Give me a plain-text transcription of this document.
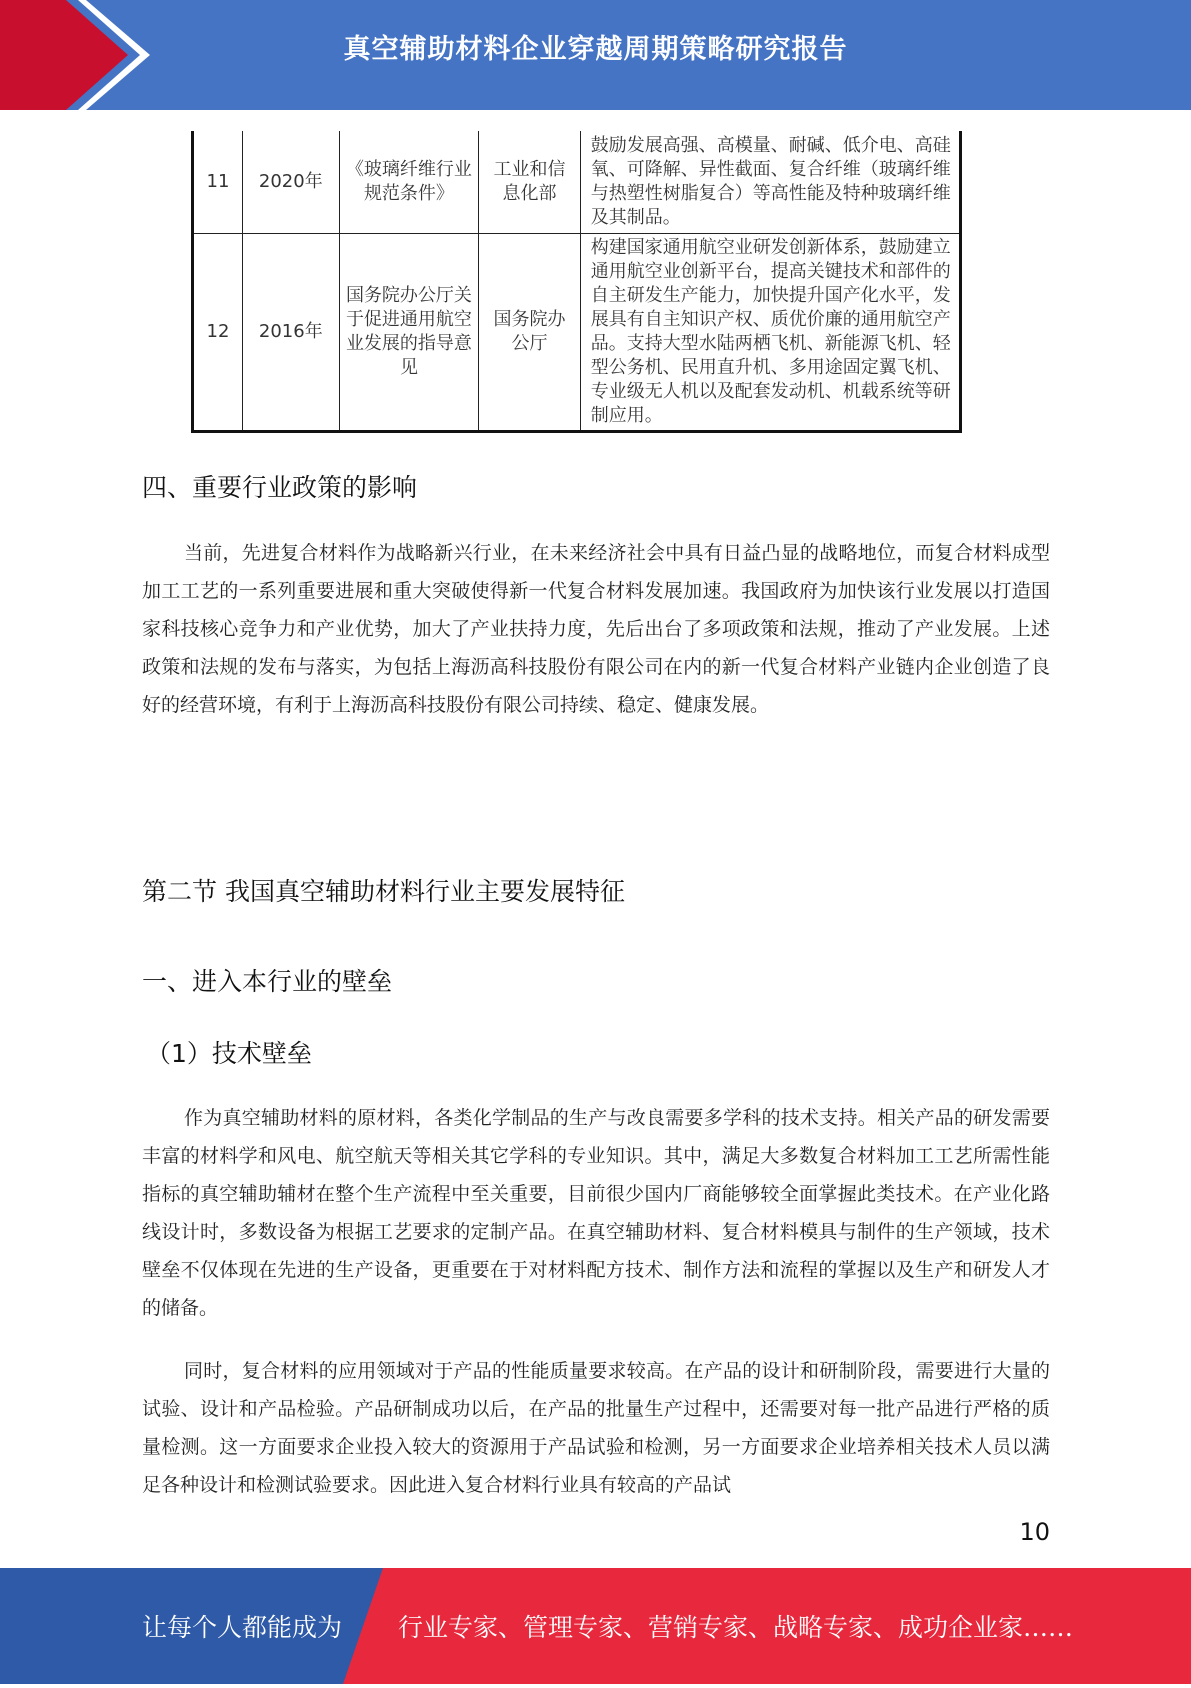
真空辅助材料企业穿越周期策略研究报告
11	2020年	《玻璃纤维行业规范条件》	工业和信息化部	鼓励发展高强、高模量、耐碱、低介电、高硅氧、可降解、异性截面、复合纤维（玻璃纤维与热塑性树脂复合）等高性能及特种玻璃纤维及其制品。
12	2016年	国务院办公厅关于促进通用航空业发展的指导意见	国务院办公厅	构建国家通用航空业研发创新体系，鼓励建立通用航空业创新平台，提高关键技术和部件的自主研发生产能力，加快提升国产化水平，发展具有自主知识产权、质优价廉的通用航空产品。支持大型水陆两栖飞机、新能源飞机、轻型公务机、民用直升机、多用途固定翼飞机、专业级无人机以及配套发动机、机载系统等研制应用。
四、重要行业政策的影响
当前，先进复合材料作为战略新兴行业，在未来经济社会中具有日益凸显的战略地位，而复合材料成型加工工艺的一系列重要进展和重大突破使得新一代复合材料发展加速。我国政府为加快该行业发展以打造国家科技核心竞争力和产业优势，加大了产业扶持力度，先后出台了多项政策和法规，推动了产业发展。上述政策和法规的发布与落实，为包括上海沥高科技股份有限公司在内的新一代复合材料产业链内企业创造了良好的经营环境，有利于上海沥高科技股份有限公司持续、稳定、健康发展。
第二节 我国真空辅助材料行业主要发展特征
一、进入本行业的壁垒
（1）技术壁垒
作为真空辅助材料的原材料，各类化学制品的生产与改良需要多学科的技术支持。相关产品的研发需要丰富的材料学和风电、航空航天等相关其它学科的专业知识。其中，满足大多数复合材料加工工艺所需性能指标的真空辅助辅材在整个生产流程中至关重要，目前很少国内厂商能够较全面掌握此类技术。在产业化路线设计时，多数设备为根据工艺要求的定制产品。在真空辅助材料、复合材料模具与制件的生产领域，技术壁垒不仅体现在先进的生产设备，更重要在于对材料配方技术、制作方法和流程的掌握以及生产和研发人才的储备。
同时，复合材料的应用领域对于产品的性能质量要求较高。在产品的设计和研制阶段，需要进行大量的试验、设计和产品检验。产品研制成功以后，在产品的批量生产过程中，还需要对每一批产品进行严格的质量检测。这一方面要求企业投入较大的资源用于产品试验和检测，另一方面要求企业培养相关技术人员以满足各种设计和检测试验要求。因此进入复合材料行业具有较高的产品试
10
让每个人都能成为 行业专家、管理专家、营销专家、战略专家、成功企业家……
